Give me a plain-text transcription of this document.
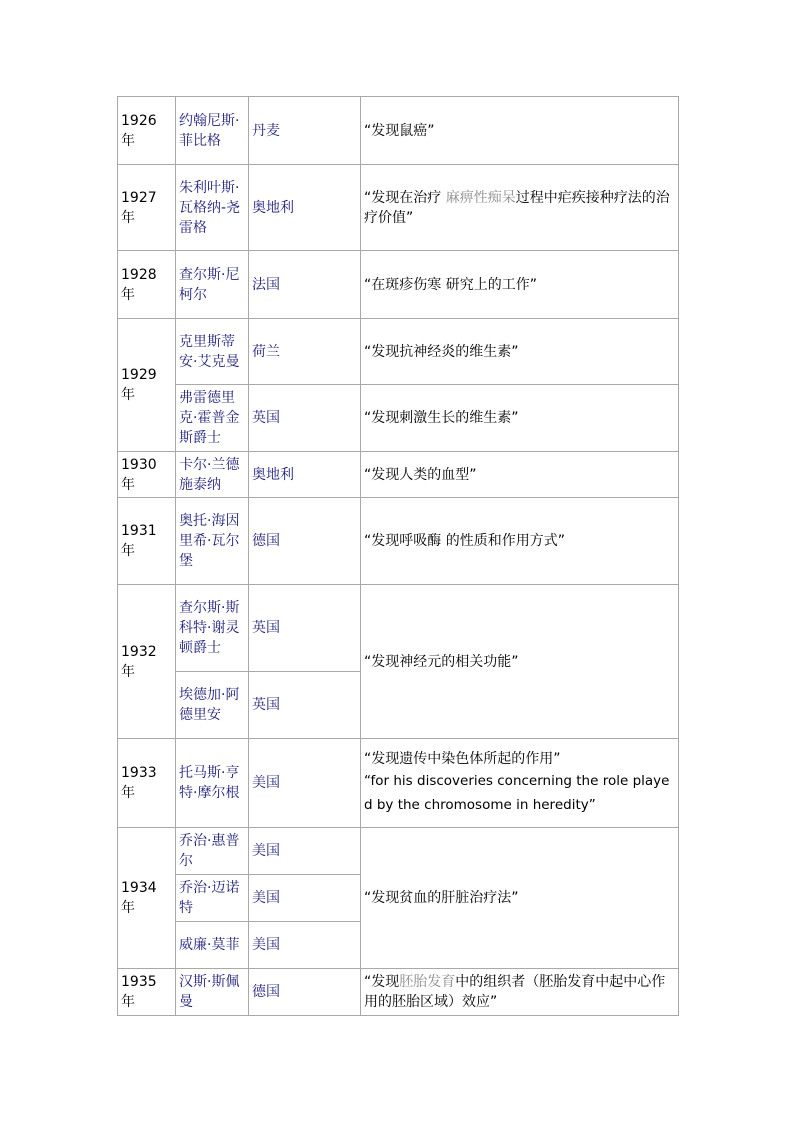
1926 年	约翰尼斯·菲比格	丹麦	“发现鼠癌”
1927 年	朱利叶斯·瓦格纳-尧雷格	奥地利	“发现在治疗 麻痹性痴呆过程中疟疾接种疗法的治疗价值”
1928 年	查尔斯·尼柯尔	法国	“在斑疹伤寒 研究上的工作”
1929 年	克里斯蒂安·艾克曼	荷兰	“发现抗神经炎的维生素”
	弗雷德里克·霍普金斯爵士	英国	“发现刺激生长的维生素”
1930 年	卡尔·兰德施泰纳	奥地利	“发现人类的血型”
1931 年	奥托·海因里希·瓦尔堡	德国	“发现呼吸酶 的性质和作用方式”
1932 年	查尔斯·斯科特·谢灵顿爵士	英国	“发现神经元的相关功能”
	埃德加·阿德里安	英国	
1933 年	托马斯·亨特·摩尔根	美国	“发现遗传中染色体所起的作用”
“for his discoveries concerning the role played by the chromosome in heredity”

1934 年	乔治·惠普尔	美国	“发现贫血的肝脏治疗法”
	乔治·迈诺特	美国	
	威廉·莫菲	美国	
1935 年	汉斯·斯佩曼	德国	“发现胚胎发育中的组织者（胚胎发育中起中心作用的胚胎区域）效应”
